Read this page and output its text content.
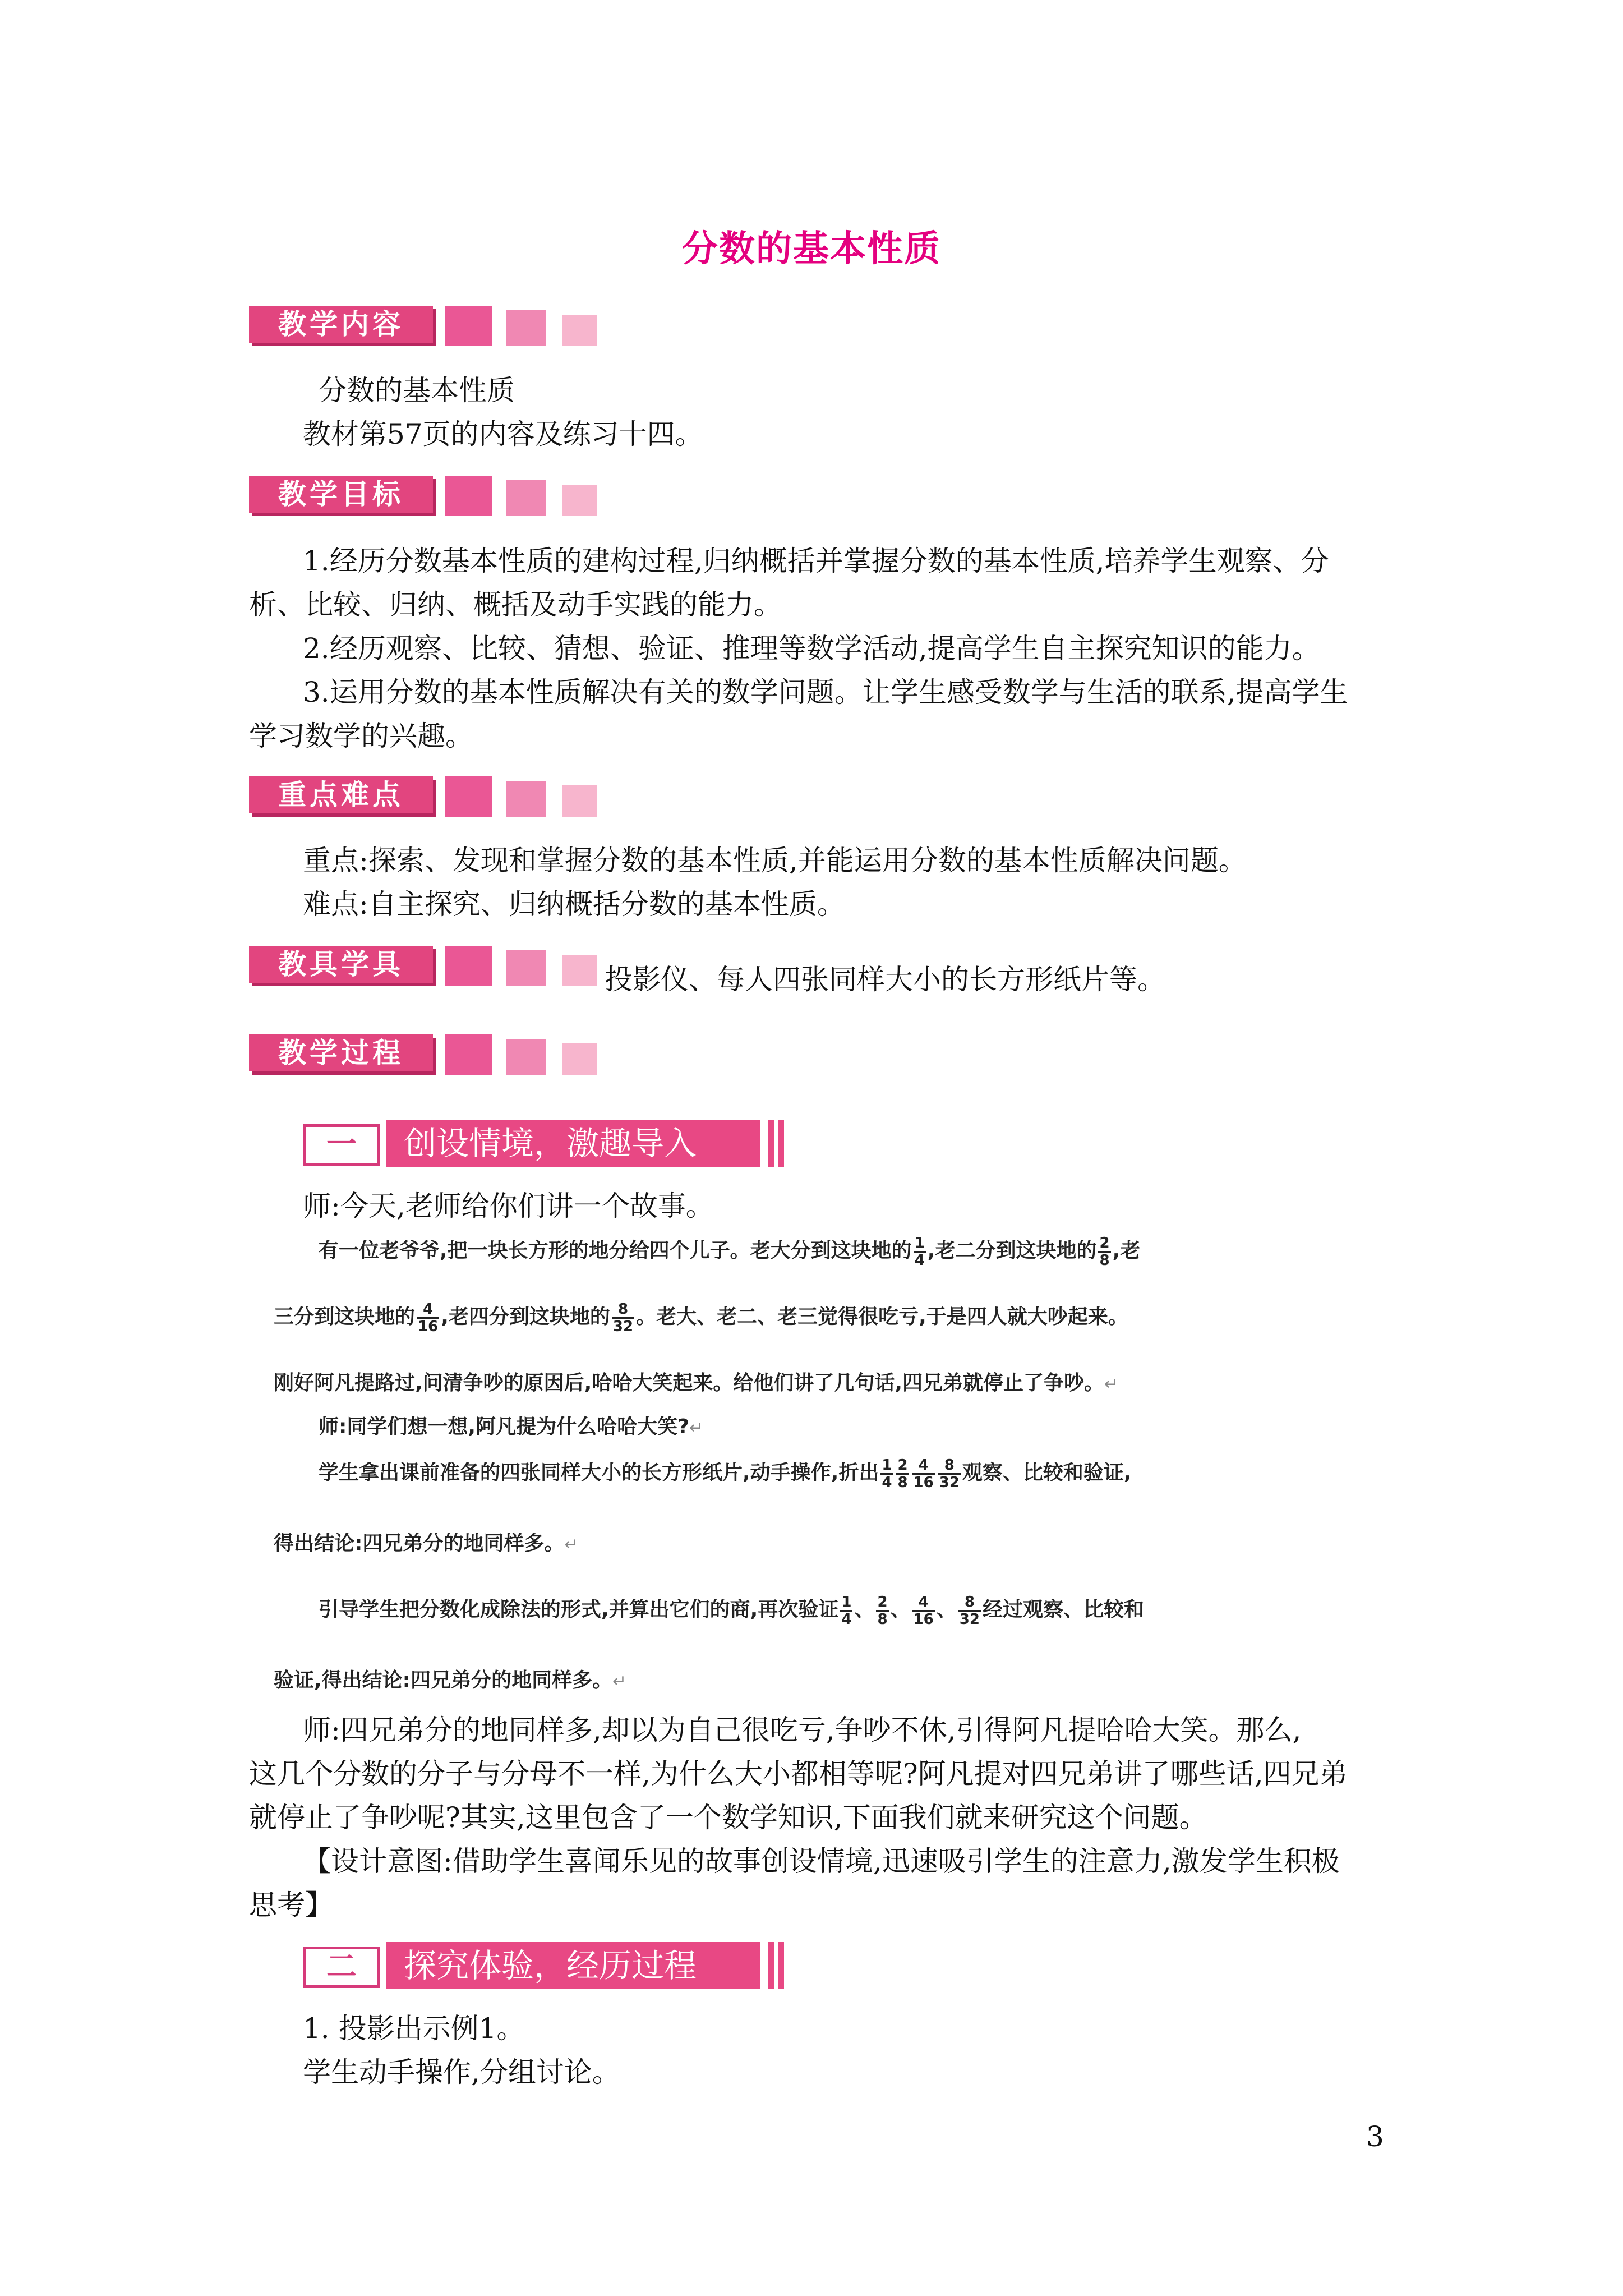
分数的基本性质
教学内容
分数的基本性质
教材第57页的内容及练习十四。
教学目标
1.经历分数基本性质的建构过程,归纳概括并掌握分数的基本性质,培养学生观察、分
析、比较、归纳、概括及动手实践的能力。
2.经历观察、比较、猜想、验证、推理等数学活动,提高学生自主探究知识的能力。
3.运用分数的基本性质解决有关的数学问题。让学生感受数学与生活的联系,提高学生
学习数学的兴趣。
重点难点
重点:探索、发现和掌握分数的基本性质,并能运用分数的基本性质解决问题。
难点:自主探究、归纳概括分数的基本性质。
教具学具	投影仪、每人四张同样大小的长方形纸片等。
教学过程
一	创设情境，激趣导入
师:今天,老师给你们讲一个故事。
有一位老爷爷,把一块长方形的地分给四个儿子。老大分到这块地的 $\frac{1}{4}$ ,老二分到这块地的 $\frac{2}{8}$ ,老
三分到这块地的 $\frac{4}{16}$ ,老四分到这块地的 $\frac{8}{32}$ 。老大、老二、老三觉得很吃亏,于是四人就大吵起来。
刚好阿凡提路过,问清争吵的原因后,哈哈大笑起来。给他们讲了几句话,四兄弟就停止了争吵。↵
师:同学们想一想,阿凡提为什么哈哈大笑?↵
学生拿出课前准备的四张同样大小的长方形纸片,动手操作,折出 $\frac{1}{4} \frac{2}{8} \frac{4}{16} \frac{8}{32}$ 观察、比较和验证,
得出结论:四兄弟分的地同样多。↵
引导学生把分数化成除法的形式,并算出它们的商,再次验证 $\frac{1}{4}$ 、 $\frac{2}{8}$ 、 $\frac{4}{16}$ 、 $\frac{8}{32}$ 经过观察、比较和
验证,得出结论:四兄弟分的地同样多。↵
师:四兄弟分的地同样多,却以为自己很吃亏,争吵不休,引得阿凡提哈哈大笑。那么,
这几个分数的分子与分母不一样,为什么大小都相等呢?阿凡提对四兄弟讲了哪些话,四兄弟
就停止了争吵呢?其实,这里包含了一个数学知识,下面我们就来研究这个问题。
【设计意图:借助学生喜闻乐见的故事创设情境,迅速吸引学生的注意力,激发学生积极
思考】
二	探究体验，经历过程
1. 投影出示例1。
学生动手操作,分组讨论。
3
